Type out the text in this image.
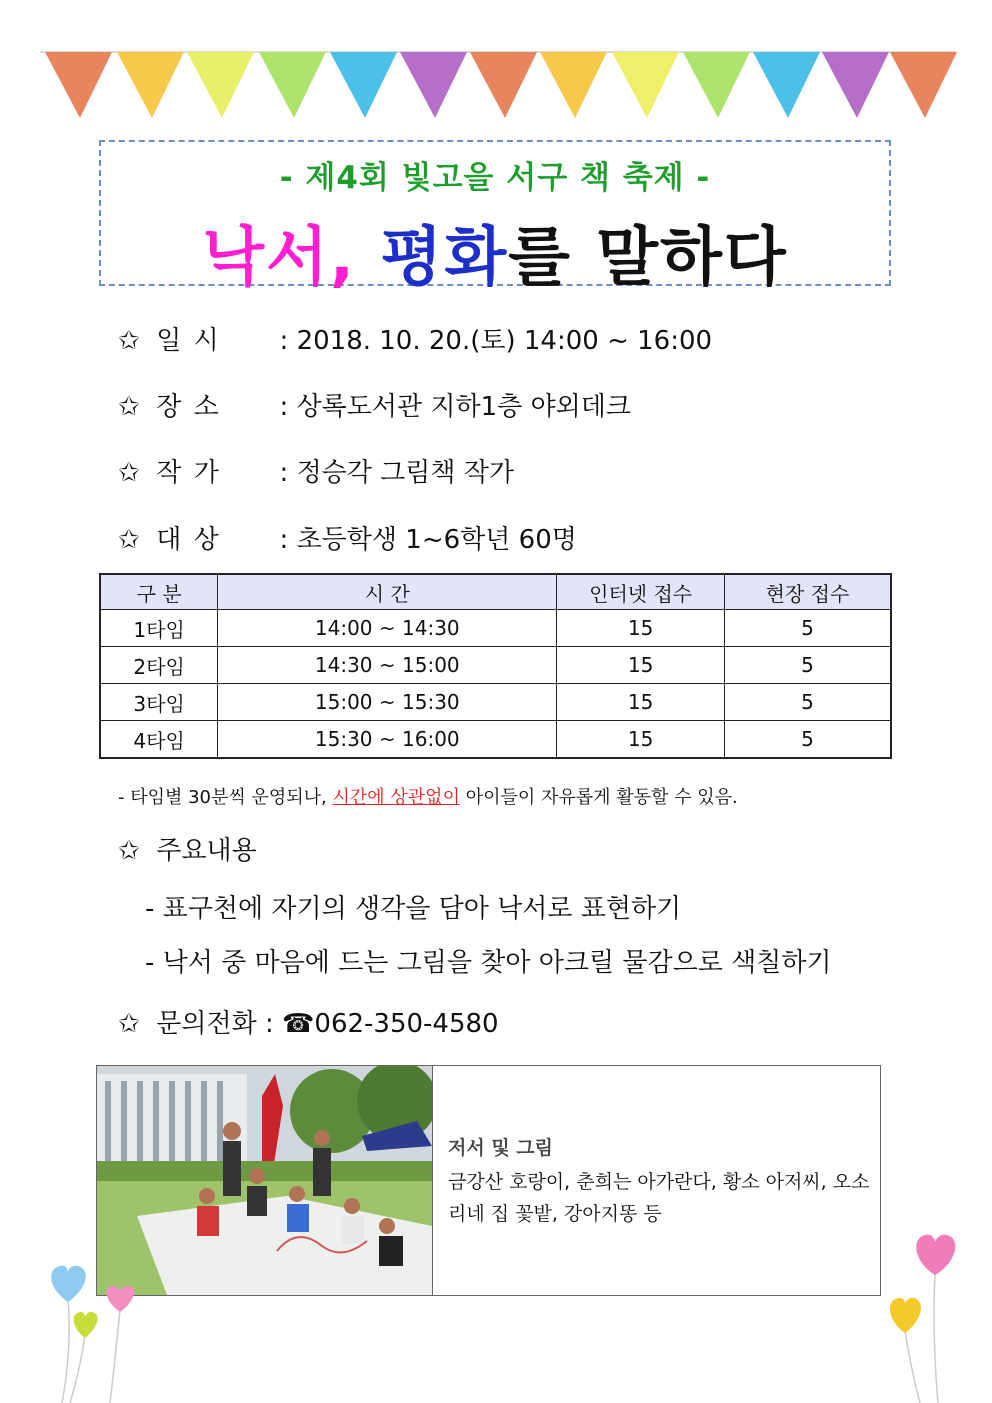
- 제4회 빛고을 서구 책 축제 -
낙서, 평화를 말하다
✩ 일 시 : 2018. 10. 20.(토) 14:00 ~ 16:00
✩ 장 소 : 상록도서관 지하1층 야외데크
✩ 작 가 : 정승각 그림책 작가
✩ 대 상 : 초등학생 1~6학년 60명
구 분	시 간	인터넷 접수	현장 접수
1타임	14:00 ~ 14:30	15	5
2타임	14:30 ~ 15:00	15	5
3타임	15:00 ~ 15:30	15	5
4타임	15:30 ~ 16:00	15	5
- 타임별 30분씩 운영되나, 시간에 상관없이 아이들이 자유롭게 활동할 수 있음.
✩ 주요내용
- 표구천에 자기의 생각을 담아 낙서로 표현하기
- 낙서 중 마음에 드는 그림을 찾아 아크릴 물감으로 색칠하기
✩ 문의전화 : ☎062-350-4580
저서 및 그림
금강산 호랑이, 춘희는 아가란다, 황소 아저씨, 오소리네 집 꽃밭, 강아지똥 등
